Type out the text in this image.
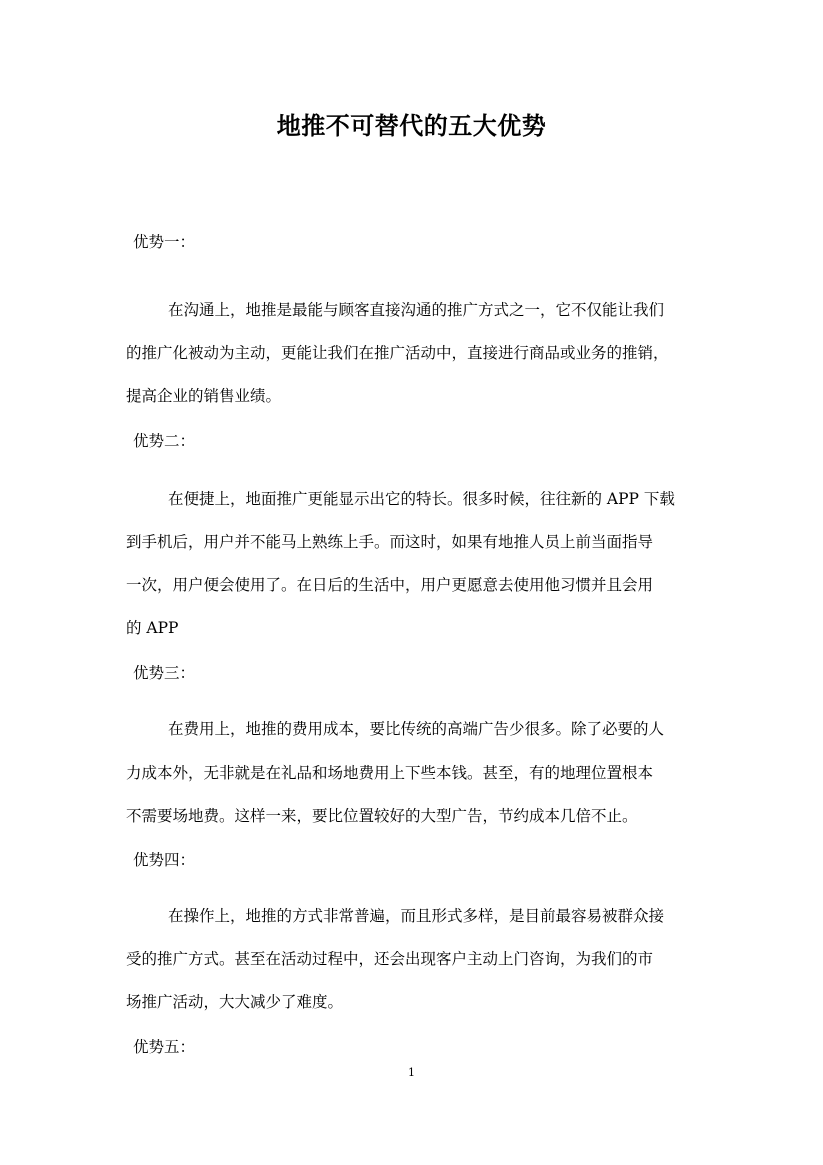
地推不可替代的五大优势
优势一：
在沟通上，地推是最能与顾客直接沟通的推广方式之一，它不仅能让我们
的推广化被动为主动，更能让我们在推广活动中，直接进行商品或业务的推销，
提高企业的销售业绩。
优势二：
在便捷上，地面推广更能显示出它的特长。很多时候，往往新的 APP 下载
到手机后，用户并不能马上熟练上手。而这时，如果有地推人员上前当面指导
一次，用户便会使用了。在日后的生活中，用户更愿意去使用他习惯并且会用
的 APP
优势三：
在费用上，地推的费用成本，要比传统的高端广告少很多。除了必要的人
力成本外，无非就是在礼品和场地费用上下些本钱。甚至，有的地理位置根本
不需要场地费。这样一来，要比位置较好的大型广告，节约成本几倍不止。
优势四：
在操作上，地推的方式非常普遍，而且形式多样，是目前最容易被群众接
受的推广方式。甚至在活动过程中，还会出现客户主动上门咨询，为我们的市
场推广活动，大大减少了难度。
优势五：
1
